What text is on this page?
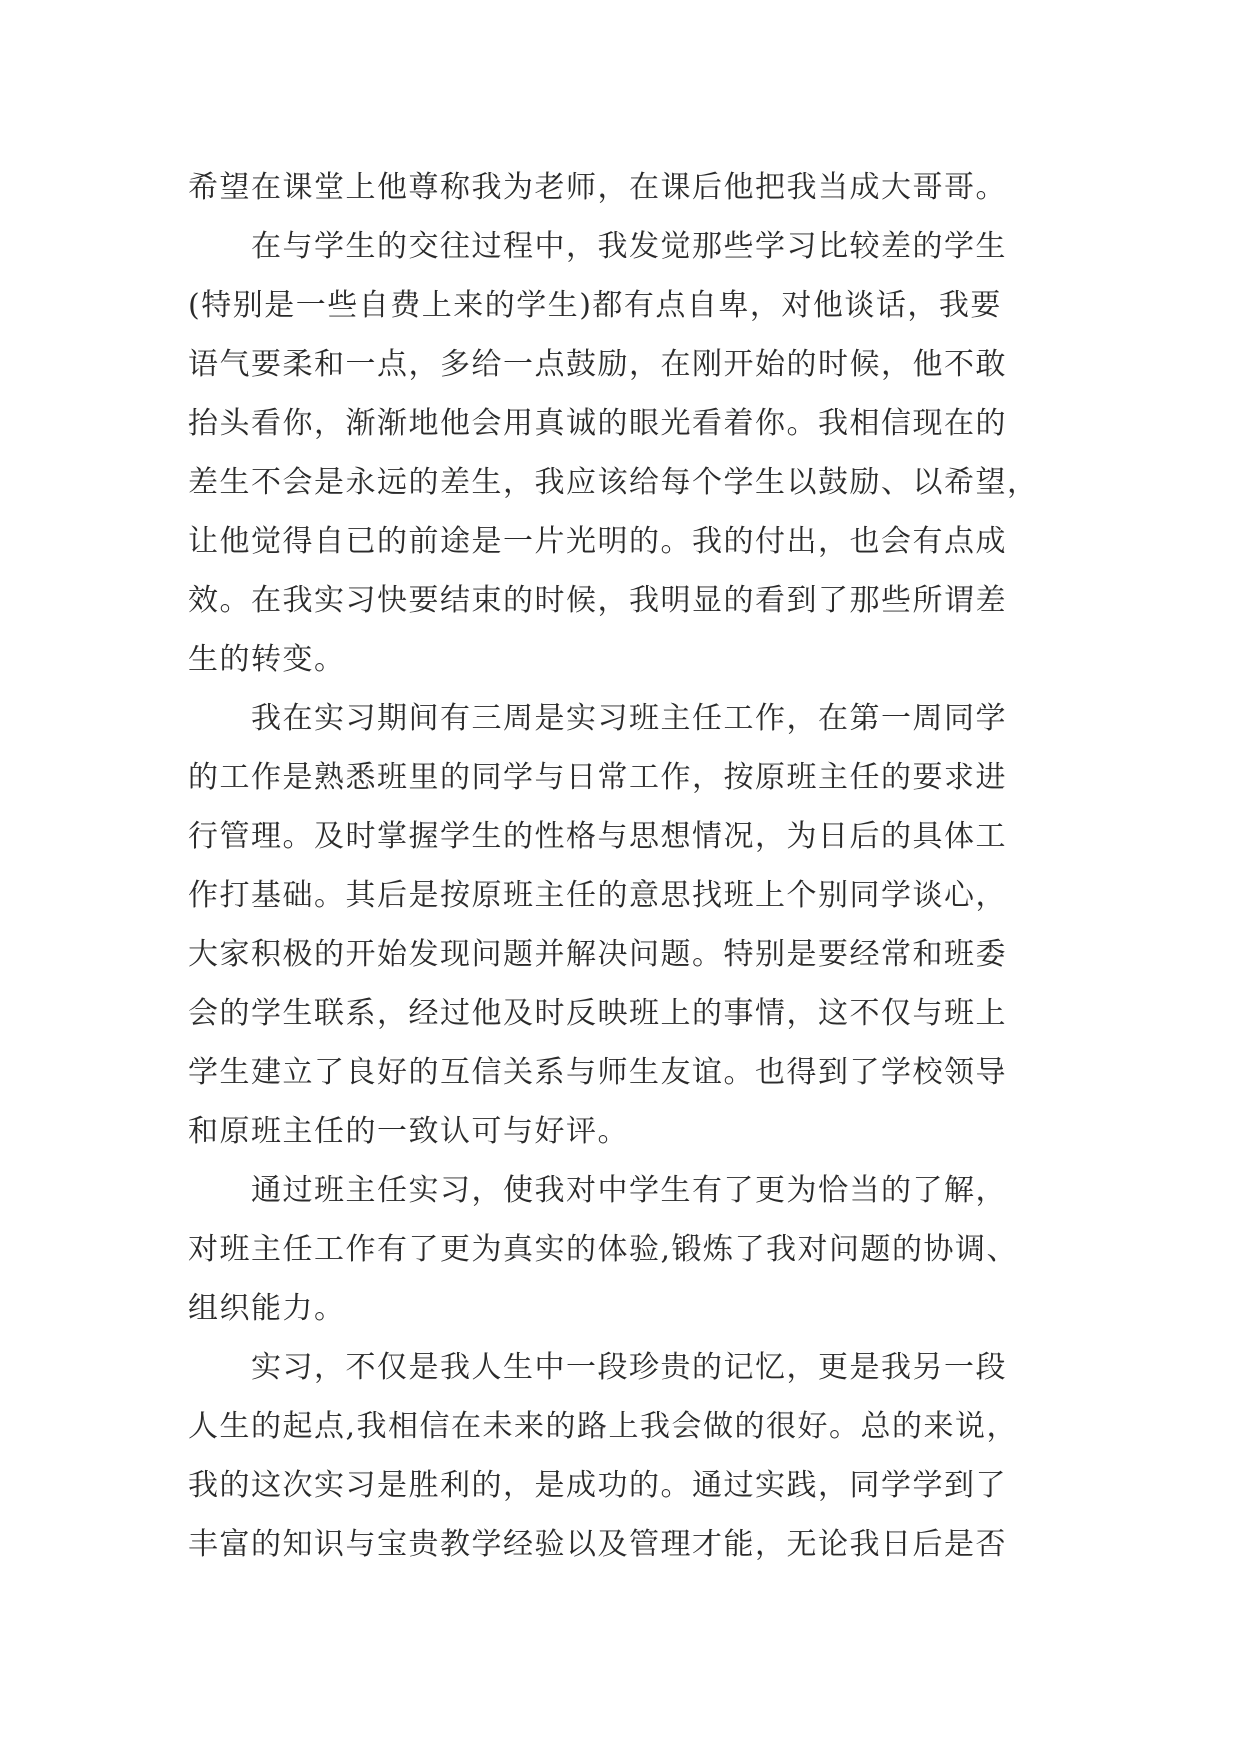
希望在课堂上他尊称我为老师，在课后他把我当成大哥哥。
　　在与学生的交往过程中，我发觉那些学习比较差的学生
(特别是一些自费上来的学生)都有点自卑，对他谈话，我要
语气要柔和一点，多给一点鼓励，在刚开始的时候，他不敢
抬头看你，渐渐地他会用真诚的眼光看着你。我相信现在的
差生不会是永远的差生，我应该给每个学生以鼓励、以希望，
让他觉得自已的前途是一片光明的。我的付出，也会有点成
效。在我实习快要结束的时候，我明显的看到了那些所谓差
生的转变。
　　我在实习期间有三周是实习班主任工作，在第一周同学
的工作是熟悉班里的同学与日常工作，按原班主任的要求进
行管理。及时掌握学生的性格与思想情况，为日后的具体工
作打基础。其后是按原班主任的意思找班上个别同学谈心，
大家积极的开始发现问题并解决问题。特别是要经常和班委
会的学生联系，经过他及时反映班上的事情，这不仅与班上
学生建立了良好的互信关系与师生友谊。也得到了学校领导
和原班主任的一致认可与好评。
　　通过班主任实习，使我对中学生有了更为恰当的了解，
对班主任工作有了更为真实的体验,锻炼了我对问题的协调、
组织能力。
　　实习，不仅是我人生中一段珍贵的记忆，更是我另一段
人生的起点,我相信在未来的路上我会做的很好。总的来说，
我的这次实习是胜利的，是成功的。通过实践，同学学到了
丰富的知识与宝贵教学经验以及管理才能，无论我日后是否
